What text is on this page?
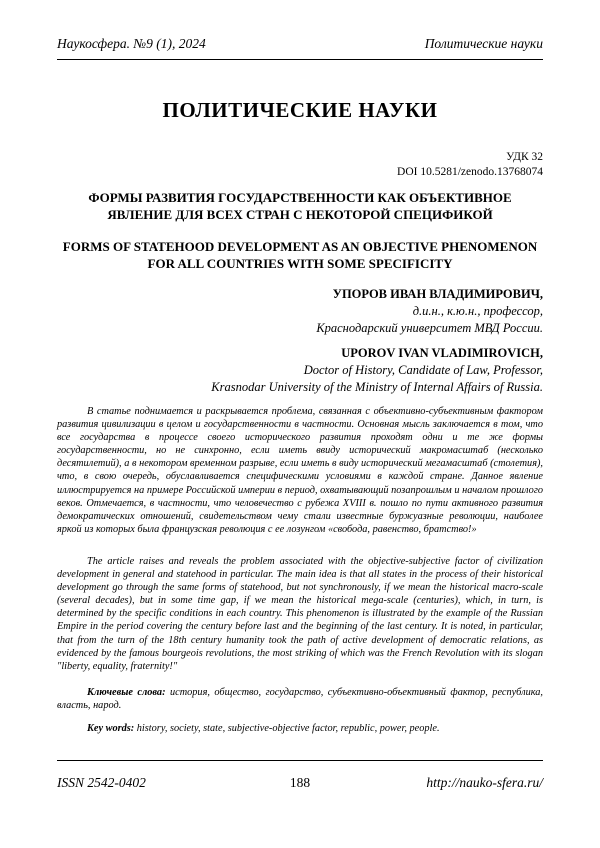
Наукосфера. №9 (1), 2024	Политические науки
ПОЛИТИЧЕСКИЕ НАУКИ
УДК 32
DOI 10.5281/zenodo.13768074
ФОРМЫ РАЗВИТИЯ ГОСУДАРСТВЕННОСТИ КАК ОБЪЕКТИВНОЕ ЯВЛЕНИЕ ДЛЯ ВСЕХ СТРАН С НЕКОТОРОЙ СПЕЦИФИКОЙ
FORMS OF STATEHOOD DEVELOPMENT AS AN OBJECTIVE PHENOMENON FOR ALL COUNTRIES WITH SOME SPECIFICITY
УПОРОВ ИВАН ВЛАДИМИРОВИЧ,
д.и.н., к.ю.н., профессор,
Краснодарский университет МВД России.
UPOROV IVAN VLADIMIROVICH,
Doctor of History, Candidate of Law, Professor,
Krasnodar University of the Ministry of Internal Affairs of Russia.

В статье поднимается и раскрывается проблема, связанная с объективно-субъективным фактором развития цивилизации в целом и государственности в частности. Основная мысль заключается в том, что все государства в процессе своего исторического развития проходят одни и те же формы государственности, но не синхронно, если иметь ввиду исторический макромасштаб (несколько десятилетий), а в некотором временном разрыве, если иметь в виду исторический мегамасштаб (столетия), что, в свою очередь, обуславливается специфическими условиями в каждой стране. Данное явление иллюстрируется на примере Российской империи в период, охватывающий позапрошлым и началом прошлого веков. Отмечается, в частности, что человечество с рубежа XVIII в. пошло по пути активного развития демократических отношений, свидетельством чему стали известные буржуазные революции, наиболее яркой из которых была французская революция с ее лозунгом «свобода, равенство, братство!»

The article raises and reveals the problem associated with the objective-subjective factor of civilization development in general and statehood in particular. The main idea is that all states in the process of their historical development go through the same forms of statehood, but not synchronously, if we mean the historical macro-scale (several decades), but in some time gap, if we mean the historical mega-scale (centuries), which, in turn, is determined by the specific conditions in each country. This phenomenon is illustrated by the example of the Russian Empire in the period covering the century before last and the beginning of the last century. It is noted, in particular, that from the turn of the 18th century humanity took the path of active development of democratic relations, as evidenced by the famous bourgeois revolutions, the most striking of which was the French Revolution with its slogan "liberty, equality, fraternity!"

Ключевые слова: история, общество, государство, субъективно-объективный фактор, республика, власть, народ.

Key words: history, society, state, subjective-objective factor, republic, power, people.

ISSN 2542-0402	188	http://nauko-sfera.ru/
